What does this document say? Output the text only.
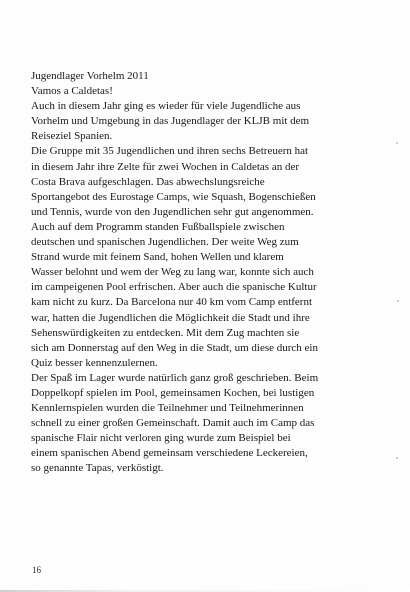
Jugendlager Vorhelm 2011
Vamos a Caldetas!
Auch in diesem Jahr ging es wieder für viele Jugendliche aus
Vorhelm und Umgebung in das Jugendlager der KLJB mit dem
Reiseziel Spanien.
Die Gruppe mit 35 Jugendlichen und ihren sechs Betreuern hat
in diesem Jahr ihre Zelte für zwei Wochen in Caldetas an der
Costa Brava aufgeschlagen. Das abwechslungsreiche
Sportangebot des Eurostage Camps, wie Squash, Bogenschießen
und Tennis, wurde von den Jugendlichen sehr gut angenommen.
Auch auf dem Programm standen Fußballspiele zwischen
deutschen und spanischen Jugendlichen. Der weite Weg zum
Strand wurde mit feinem Sand, hohen Wellen und klarem
Wasser belohnt und wem der Weg zu lang war, konnte sich auch
im campeigenen Pool erfrischen. Aber auch die spanische Kultur
kam nicht zu kurz. Da Barcelona nur 40 km vom Camp entfernt
war, hatten die Jugendlichen die Möglichkeit die Stadt und ihre
Sehenswürdigkeiten zu entdecken. Mit dem Zug machten sie
sich am Donnerstag auf den Weg in die Stadt, um diese durch ein
Quiz besser kennenzulernen.
Der Spaß im Lager wurde natürlich ganz groß geschrieben. Beim
Doppelkopf spielen im Pool, gemeinsamen Kochen, bei lustigen
Kennlernspielen wurden die Teilnehmer und Teilnehmerinnen
schnell zu einer großen Gemeinschaft. Damit auch im Camp das
spanische Flair nicht verloren ging wurde zum Beispiel bei
einem spanischen Abend gemeinsam verschiedene Leckereien,
so genannte Tapas, verköstigt.
16
